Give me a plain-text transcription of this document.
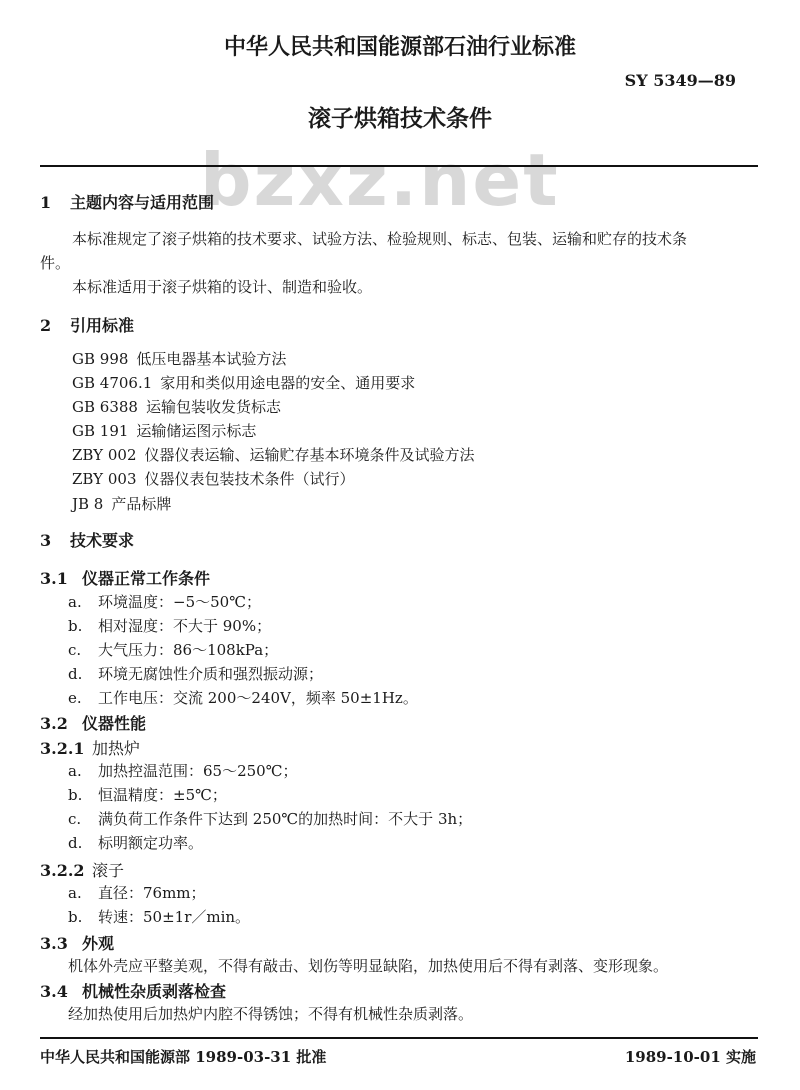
bzxz.net
中华人民共和国能源部石油行业标准
SY 5349—89
滚子烘箱技术条件
1 主题内容与适用范围
本标准规定了滚子烘箱的技术要求、试验方法、检验规则、标志、包装、运输和贮存的技术条
件。
本标准适用于滚子烘箱的设计、制造和验收。
2 引用标准
GB 998 低压电器基本试验方法
GB 4706.1 家用和类似用途电器的安全、通用要求
GB 6388 运输包装收发货标志
GB 191 运输储运图示标志
ZBY 002 仪器仪表运输、运输贮存基本环境条件及试验方法
ZBY 003 仪器仪表包装技术条件（试行）
JB 8 产品标牌
3 技术要求
3.1 仪器正常工作条件
a. 环境温度：−5～50℃；
b. 相对湿度：不大于 90%；
c. 大气压力：86～108kPa；
d. 环境无腐蚀性介质和强烈振动源；
e. 工作电压：交流 200～240V，频率 50±1Hz。
3.2 仪器性能
3.2.1 加热炉
a. 加热控温范围：65～250℃；
b. 恒温精度：±5℃；
c. 满负荷工作条件下达到 250℃的加热时间：不大于 3h；
d. 标明额定功率。
3.2.2 滚子
a. 直径：76mm；
b. 转速：50±1r／min。
3.3 外观
机体外壳应平整美观，不得有敲击、划伤等明显缺陷，加热使用后不得有剥落、变形现象。
3.4 机械性杂质剥落检查
经加热使用后加热炉内腔不得锈蚀；不得有机械性杂质剥落。
中华人民共和国能源部 1989-03-31 批准	1989-10-01 实施
